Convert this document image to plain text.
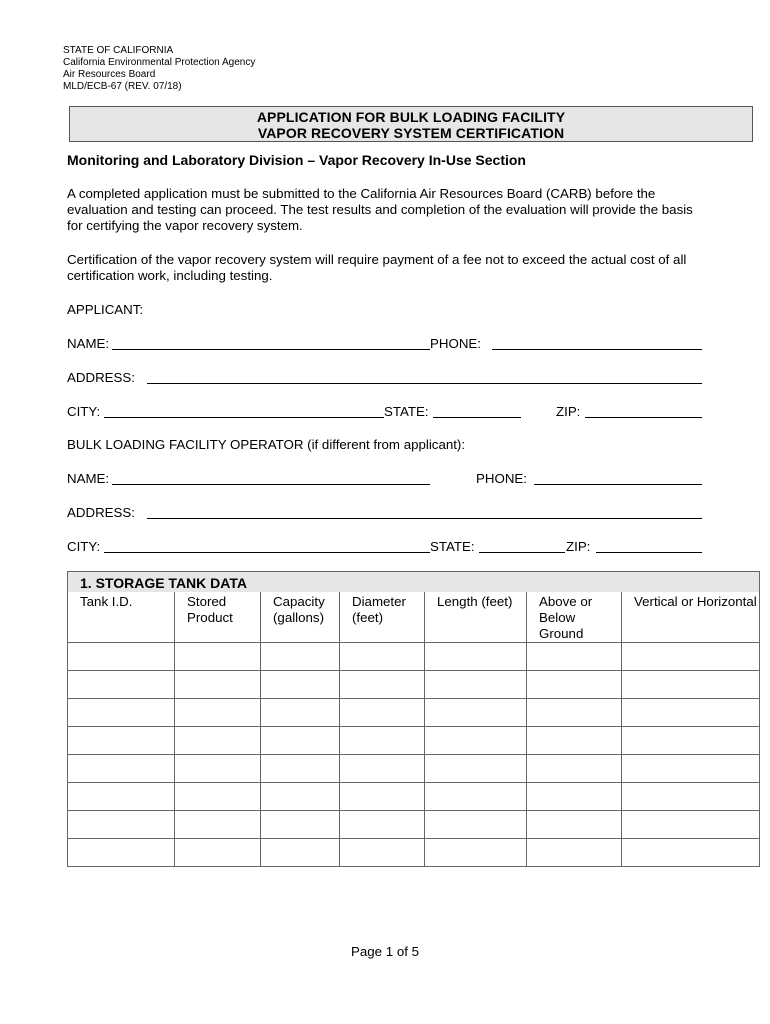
STATE OF CALIFORNIA
California Environmental Protection Agency
Air Resources Board
MLD/ECB-67 (REV. 07/18)
APPLICATION FOR BULK LOADING FACILITY
VAPOR RECOVERY SYSTEM CERTIFICATION
Monitoring and Laboratory Division – Vapor Recovery In-Use Section
A completed application must be submitted to the California Air Resources Board (CARB) before the evaluation and testing can proceed. The test results and completion of the evaluation will provide the basis for certifying the vapor recovery system.
Certification of the vapor recovery system will require payment of a fee not to exceed the actual cost of all certification work, including testing.
APPLICANT:
NAME:	PHONE:
ADDRESS:
CITY:	STATE:	ZIP:
BULK LOADING FACILITY OPERATOR (if different from applicant):
NAME:	PHONE:
ADDRESS:
CITY:	STATE:	ZIP:
1. STORAGE TANK DATA						
Tank I.D.	Stored Product	Capacity (gallons)	Diameter (feet)	Length (feet)	Above or Below Ground	Vertical or Horizontal

Page 1 of 5
